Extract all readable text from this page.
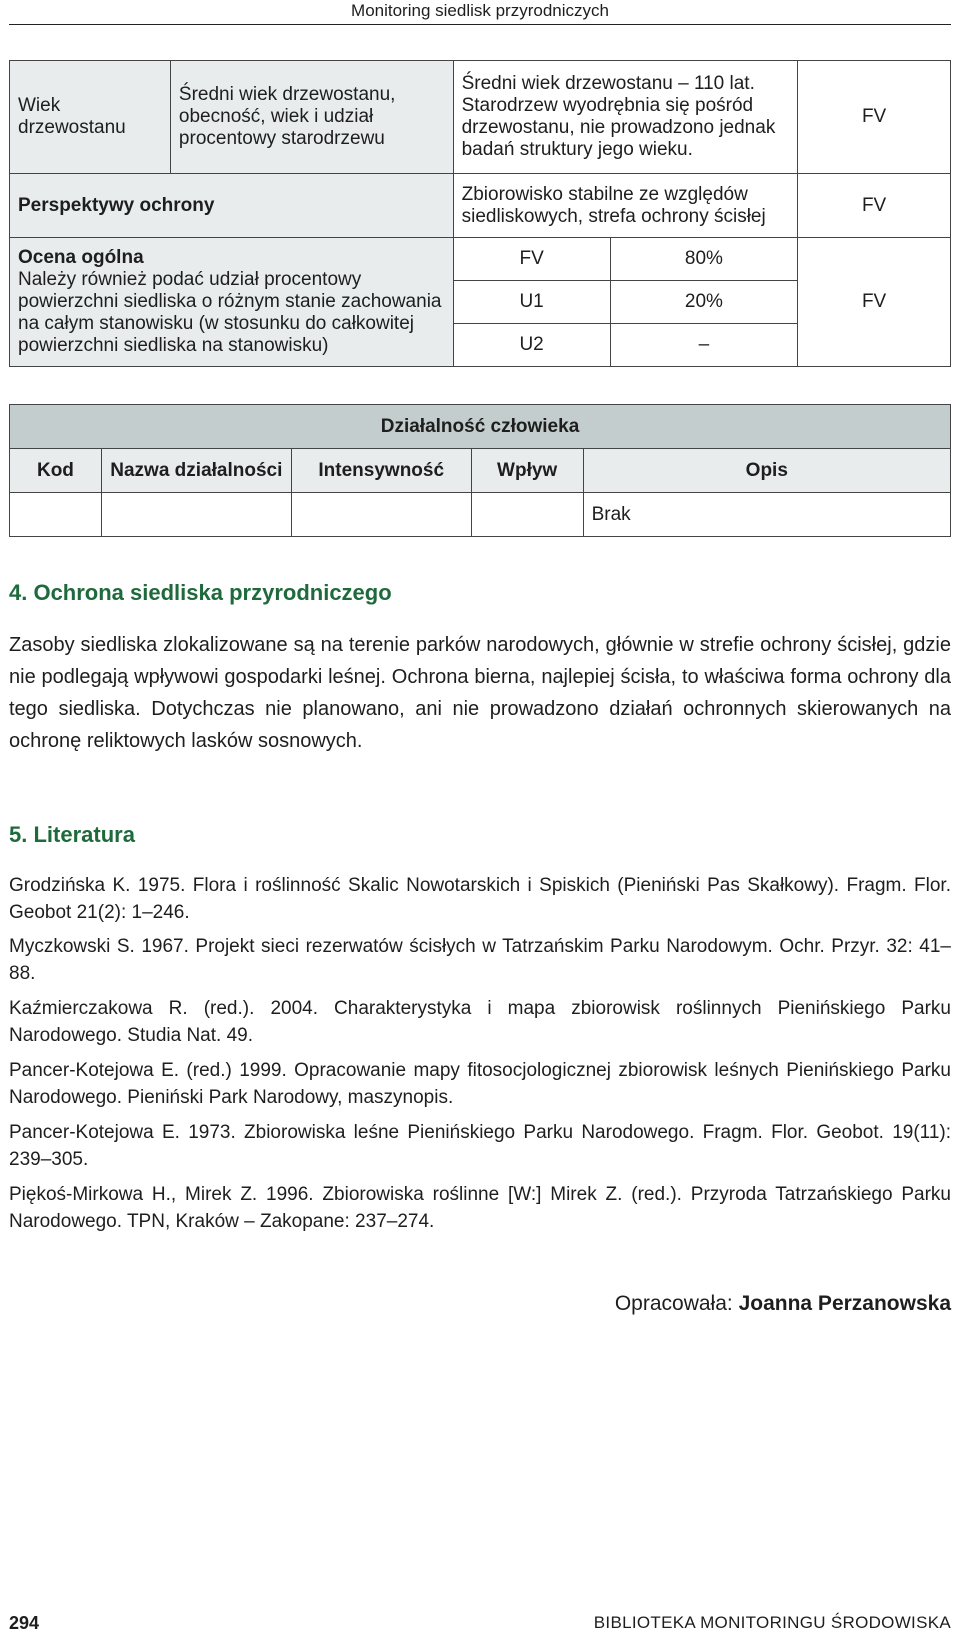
Monitoring siedlisk przyrodniczych
Wiek drzewostanu	Średni wiek drzewostanu, obecność, wiek i udział procentowy starodrzewu	Średni wiek drzewostanu – 110 lat. Starodrzew wyodrębnia się pośród drzewostanu, nie prowadzono jednak badań struktury jego wieku.	FV
Perspektywy ochrony	Zbiorowisko stabilne ze względów siedliskowych, strefa ochrony ścisłej	FV

Ocena ogólna
Należy również podać udział procentowy powierzchni siedliska o różnym stanie zachowania na całym stanowisku (w stosunku do całkowitej powierzchni siedliska na stanowisku)

FV	80%
U1	20%
U2	–
	FV
Działalność człowieka				
Kod	Nazwa działalności	Intensywność	Wpływ	Opis
				Brak
4. Ochrona siedliska przyrodniczego

Zasoby siedliska zlokalizowane są na terenie parków narodowych, głównie w strefie ochrony ścisłej, gdzie nie podlegają wpływowi gospodarki leśnej. Ochrona bierna, najlepiej ścisła, to właściwa forma ochrony dla tego siedliska. Dotychczas nie planowano, ani nie prowadzono działań ochronnych skierowanych na ochronę reliktowych lasków sosnowych.

5. Literatura

Grodzińska K. 1975. Flora i roślinność Skalic Nowotarskich i Spiskich (Pieniński Pas Skałkowy). Fragm. Flor. Geobot 21(2): 1–246.

Myczkowski S. 1967. Projekt sieci rezerwatów ścisłych w Tatrzańskim Parku Narodowym. Ochr. Przyr. 32: 41–88.

Kaźmierczakowa R. (red.). 2004. Charakterystyka i mapa zbiorowisk roślinnych Pienińskiego Parku Narodowego. Studia Nat. 49.

Pancer-Kotejowa E. (red.) 1999. Opracowanie mapy fitosocjologicznej zbiorowisk leśnych Pienińskiego Parku Narodowego. Pieniński Park Narodowy, maszynopis.

Pancer-Kotejowa E. 1973. Zbiorowiska leśne Pienińskiego Parku Narodowego. Fragm. Flor. Geobot. 19(11): 239–305.

Piękoś-Mirkowa H., Mirek Z. 1996. Zbiorowiska roślinne [W:] Mirek Z. (red.). Przyroda Tatrzańskiego Parku Narodowego. TPN, Kraków – Zakopane: 237–274.

Opracowała: Joanna Perzanowska
294	BIBLIOTEKA MONITORINGU ŚRODOWISKA
